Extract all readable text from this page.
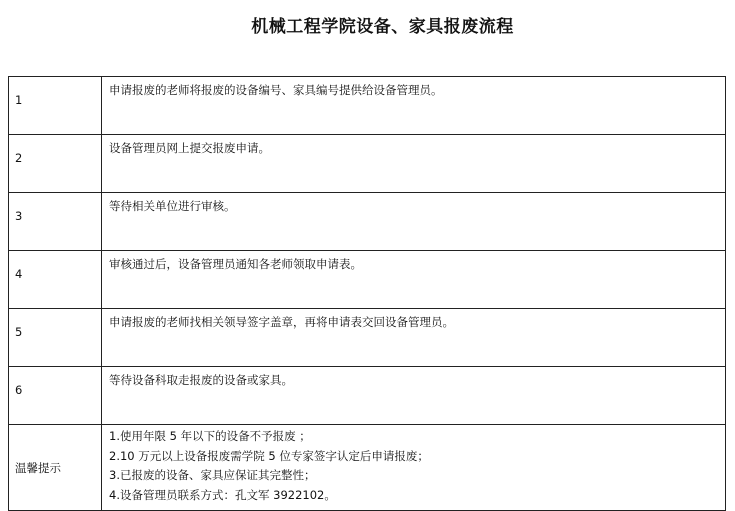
机械工程学院设备、家具报废流程
1	申请报废的老师将报废的设备编号、家具编号提供给设备管理员。
2	设备管理员网上提交报废申请。
3	等待相关单位进行审核。
4	审核通过后，设备管理员通知各老师领取申请表。
5	申请报废的老师找相关领导签字盖章，再将申请表交回设备管理员。
6	等待设备科取走报废的设备或家具。
温馨提示	1.使用年限 5 年以下的设备不予报废 ；
2.10 万元以上设备报废需学院 5 位专家签字认定后申请报废；
3.已报废的设备、家具应保证其完整性；
4.设备管理员联系方式：孔文军 3922102。
